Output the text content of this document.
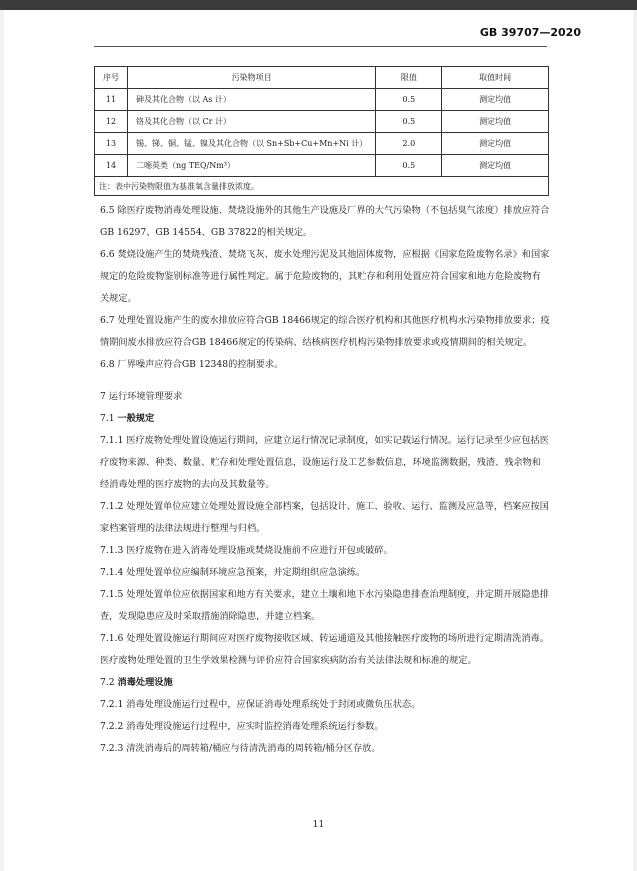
GB 39707—2020
序号	污染物项目	限值	取值时间
11	砷及其化合物（以 As 计）	0.5	测定均值
12	铬及其化合物（以 Cr 计）	0.5	测定均值
13	锡、锑、铜、锰、镍及其化合物（以 Sn+Sb+Cu+Mn+Ni 计）	2.0	测定均值
14	二噁英类（ng TEQ/Nm³）	0.5	测定均值
注：表中污染物限值为基准氧含量排放浓度。			

6.5 除医疗废物消毒处理设施、焚烧设施外的其他生产设施及厂界的大气污染物（不包括臭气浓度）排放应符合GB 16297、GB 14554、GB 37822的相关规定。

6.6 焚烧设施产生的焚烧残渣、焚烧飞灰、废水处理污泥及其他固体废物，应根据《国家危险废物名录》和国家规定的危险废物鉴别标准等进行属性判定。属于危险废物的，其贮存和利用处置应符合国家和地方危险废物有关规定。

6.7 处理处置设施产生的废水排放应符合GB 18466规定的综合医疗机构和其他医疗机构水污染物排放要求；疫情期间废水排放应符合GB 18466规定的传染病、结核病医疗机构污染物排放要求或疫情期间的相关规定。

6.8 厂界噪声应符合GB 12348的控制要求。

7 运行环境管理要求

7.1 一般规定

7.1.1 医疗废物处理处置设施运行期间，应建立运行情况记录制度，如实记载运行情况。运行记录至少应包括医疗废物来源、种类、数量、贮存和处理处置信息，设施运行及工艺参数信息，环境监测数据，残渣、残余物和经消毒处理的医疗废物的去向及其数量等。

7.1.2 处理处置单位应建立处理处置设施全部档案，包括设计、施工、验收、运行、监测及应急等，档案应按国家档案管理的法律法规进行整理与归档。

7.1.3 医疗废物在进入消毒处理设施或焚烧设施前不应进行开包或破碎。

7.1.4 处理处置单位应编制环境应急预案，并定期组织应急演练。

7.1.5 处理处置单位应依据国家和地方有关要求，建立土壤和地下水污染隐患排查治理制度，并定期开展隐患排查，发现隐患应及时采取措施消除隐患，并建立档案。

7.1.6 处理处置设施运行期间应对医疗废物接收区域、转运通道及其他接触医疗废物的场所进行定期清洗消毒。医疗废物处理处置的卫生学效果检测与评价应符合国家疾病防治有关法律法规和标准的规定。

7.2 消毒处理设施

7.2.1 消毒处理设施运行过程中，应保证消毒处理系统处于封闭或微负压状态。

7.2.2 消毒处理设施运行过程中，应实时监控消毒处理系统运行参数。

7.2.3 清洗消毒后的周转箱/桶应与待清洗消毒的周转箱/桶分区存放。

11
